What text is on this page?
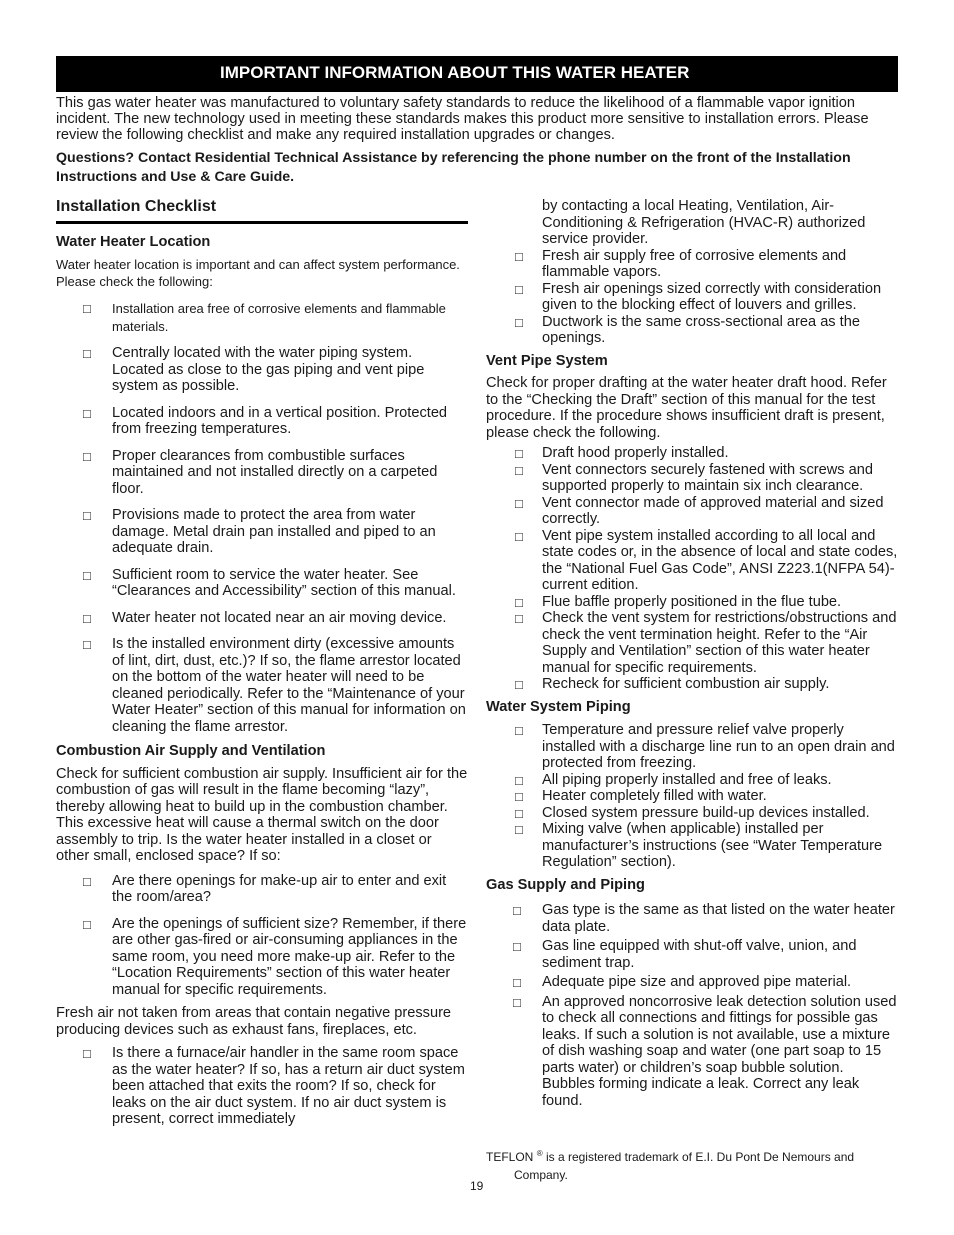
IMPORTANT INFORMATION ABOUT THIS WATER HEATER

This gas water heater was manufactured to voluntary safety standards to reduce the likelihood of a flammable vapor ignition incident. The new technology used in meeting these standards makes this product more sensitive to installation errors. Please review the following checklist and make any required installation upgrades or changes.

Questions? Contact Residential Technical Assistance by referencing the phone number on the front of the Installation Instructions and Use & Care Guide.

Installation Checklist
Water Heater Location

Water heater location is important and can affect system performance. Please check the following:

□ Installation area free of corrosive elements and flammable materials.
□ Centrally located with the water piping system. Located as close to the gas piping and vent pipe system as possible.
□ Located indoors and in a vertical position. Protected from freezing temperatures.
□ Proper clearances from combustible surfaces maintained and not installed directly on a carpeted floor.
□ Provisions made to protect the area from water damage. Metal drain pan installed and piped to an adequate drain.
□ Sufficient room to service the water heater. See “Clearances and Accessibility” section of this manual.
□ Water heater not located near an air moving device.
□ Is the installed environment dirty (excessive amounts of lint, dirt, dust, etc.)? If so, the flame arrestor located on the bottom of the water heater will need to be cleaned periodically. Refer to the “Maintenance of your Water Heater” section of this manual for information on cleaning the flame arrestor.
Combustion Air Supply and Ventilation

Check for sufficient combustion air supply. Insufficient air for the combustion of gas will result in the flame becoming “lazy”, thereby allowing heat to build up in the combustion chamber. This excessive heat will cause a thermal switch on the door assembly to trip. Is the water heater installed in a closet or other small, enclosed space? If so:

□ Are there openings for make-up air to enter and exit the room/area?
□ Are the openings of sufficient size? Remember, if there are other gas-fired or air-consuming appliances in the same room, you need more make-up air. Refer to the “Location Requirements” section of this water heater manual for specific requirements.

Fresh air not taken from areas that contain negative pressure producing devices such as exhaust fans, fireplaces, etc.

□ Is there a furnace/air handler in the same room space as the water heater? If so, has a return air duct system been attached that exits the room? If so, check for leaks on the air duct system. If no air duct system is present, correct immediately

by contacting a local Heating, Ventilation, Air-Conditioning & Refrigeration (HVAC-R) authorized service provider.

□ Fresh air supply free of corrosive elements and flammable vapors.
□ Fresh air openings sized correctly with consideration given to the blocking effect of louvers and grilles.
□ Ductwork is the same cross-sectional area as the openings.
Vent Pipe System

Check for proper drafting at the water heater draft hood. Refer to the “Checking the Draft” section of this manual for the test procedure. If the procedure shows insufficient draft is present, please check the following.

□ Draft hood properly installed.
□ Vent connectors securely fastened with screws and supported properly to maintain six inch clearance.
□ Vent connector made of approved material and sized correctly.
□ Vent pipe system installed according to all local and state codes or, in the absence of local and state codes, the “National Fuel Gas Code”, ANSI Z223.1(NFPA 54)-current edition.
□ Flue baffle properly positioned in the flue tube.
□ Check the vent system for restrictions/obstructions and check the vent termination height. Refer to the “Air Supply and Ventilation” section of this water heater manual for specific requirements.
□ Recheck for sufficient combustion air supply.
Water System Piping
□ Temperature and pressure relief valve properly installed with a discharge line run to an open drain and protected from freezing.
□ All piping properly installed and free of leaks.
□ Heater completely filled with water.
□ Closed system pressure build-up devices installed.
□ Mixing valve (when applicable) installed per manufacturer’s instructions (see “Water Temperature Regulation” section).
Gas Supply and Piping
□ Gas type is the same as that listed on the water heater data plate.
□ Gas line equipped with shut-off valve, union, and sediment trap.
□ Adequate pipe size and approved pipe material.
□ An approved noncorrosive leak detection solution used to check all connections and fittings for possible gas leaks. If such a solution is not available, use a mixture of dish washing soap and water (one part soap to 15 parts water) or children’s soap bubble solution. Bubbles forming indicate a leak. Correct any leak found.
TEFLON ® is a registered trademark of E.I. Du Pont De Nemours and
Company.
19
